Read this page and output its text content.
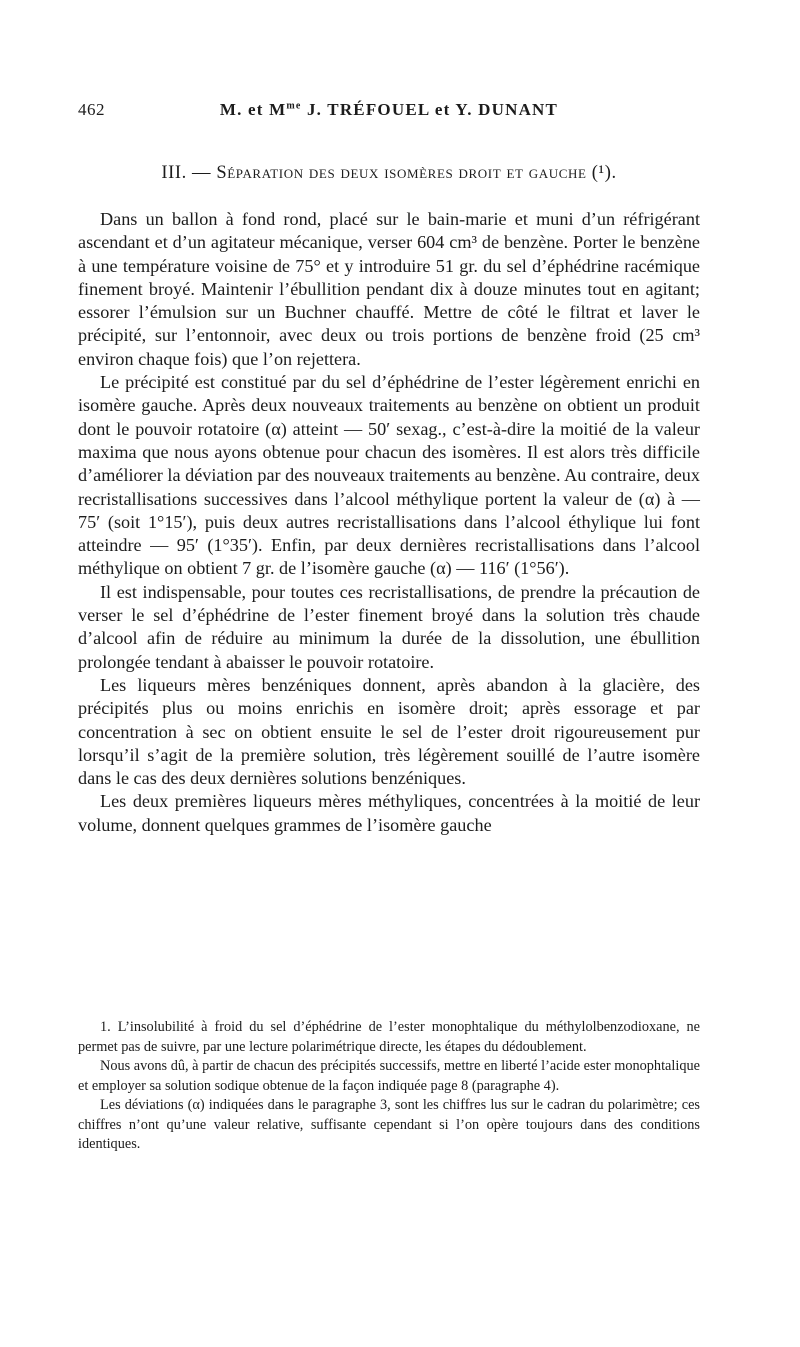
462	M. et $M^{me}$ J. TRÉFOUEL et Y. DUNANT
III. — Séparation des deux isomères droit et gauche (¹).

Dans un ballon à fond rond, placé sur le bain-marie et muni d’un réfrigérant ascendant et d’un agitateur mécanique, verser 604 cm³ de benzène. Porter le benzène à une température voisine de 75° et y introduire 51 gr. du sel d’éphédrine racémique finement broyé. Maintenir l’ébullition pendant dix à douze minutes tout en agitant; essorer l’émulsion sur un Buchner chauffé. Mettre de côté le filtrat et laver le précipité, sur l’entonnoir, avec deux ou trois portions de benzène froid (25 cm³ environ chaque fois) que l’on rejettera.

Le précipité est constitué par du sel d’éphédrine de l’ester légèrement enrichi en isomère gauche. Après deux nouveaux traitements au benzène on obtient un produit dont le pouvoir rotatoire (α) atteint — 50′ sexag., c’est-à-dire la moitié de la valeur maxima que nous ayons obtenue pour chacun des isomères. Il est alors très difficile d’améliorer la déviation par des nouveaux traitements au benzène. Au contraire, deux recristallisations successives dans l’alcool méthylique portent la valeur de (α) à — 75′ (soit 1°15′), puis deux autres recristallisations dans l’alcool éthylique lui font atteindre — 95′ (1°35′). Enfin, par deux dernières recristallisations dans l’alcool méthylique on obtient 7 gr. de l’isomère gauche (α) — 116′ (1°56′).

Il est indispensable, pour toutes ces recristallisations, de prendre la précaution de verser le sel d’éphédrine de l’ester finement broyé dans la solution très chaude d’alcool afin de réduire au minimum la durée de la dissolution, une ébullition prolongée tendant à abaisser le pouvoir rotatoire.

Les liqueurs mères benzéniques donnent, après abandon à la glacière, des précipités plus ou moins enrichis en isomère droit; après essorage et par concentration à sec on obtient ensuite le sel de l’ester droit rigoureusement pur lorsqu’il s’agit de la première solution, très légèrement souillé de l’autre isomère dans le cas des deux dernières solutions benzéniques.

Les deux premières liqueurs mères méthyliques, concentrées à la moitié de leur volume, donnent quelques grammes de l’isomère gauche

1. L’insolubilité à froid du sel d’éphédrine de l’ester monophtalique du méthylolbenzodioxane, ne permet pas de suivre, par une lecture polarimétrique directe, les étapes du dédoublement.

Nous avons dû, à partir de chacun des précipités successifs, mettre en liberté l’acide ester monophtalique et employer sa solution sodique obtenue de la façon indiquée page 8 (paragraphe 4).

Les déviations (α) indiquées dans le paragraphe 3, sont les chiffres lus sur le cadran du polarimètre; ces chiffres n’ont qu’une valeur relative, suffisante cependant si l’on opère toujours dans des conditions identiques.
